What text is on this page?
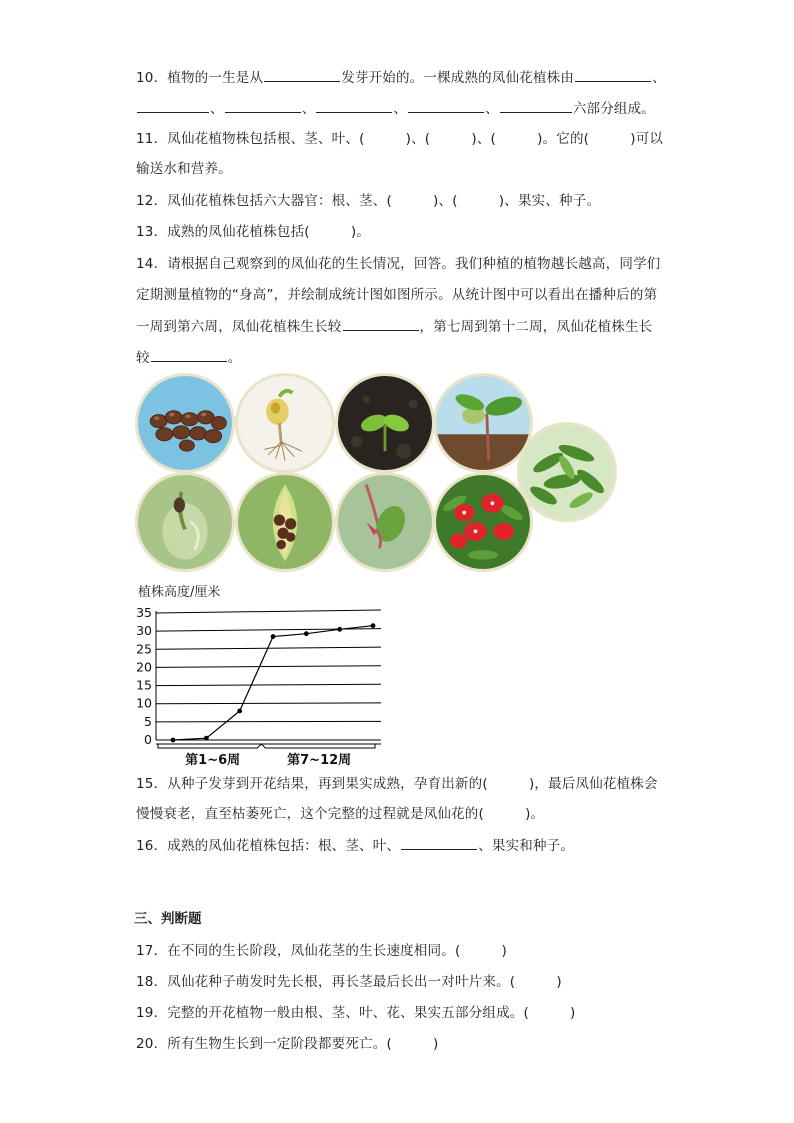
10．植物的一生是从	发芽开始的。一棵成熟的凤仙花植株由	、
、	、	、	、	六部分组成。
11．凤仙花植物株包括根、茎、叶、(　　　)、(　　　)、(　　　)。它的(　　　)可以
输送水和营养。
12．凤仙花植株包括六大器官：根、茎、(　　　)、(　　　)、果实、种子。
13．成熟的凤仙花植株包括(　　　)。
14．请根据自己观察到的凤仙花的生长情况，回答。我们种植的植物越长越高，同学们
定期测量植物的“身高”，并绘制成统计图如图所示。从统计图中可以看出在播种后的第
一周到第六周，凤仙花植株生长较	，第七周到第十二周，凤仙花植株生长
较	。
植株高度/厘米
0
5
10
15
20
25
30
35
第1~6周	第7~12周
15．从种子发芽到开花结果，再到果实成熟，孕育出新的(　　　)，最后凤仙花植株会
慢慢衰老，直至枯萎死亡，这个完整的过程就是凤仙花的(　　　)。
16．成熟的凤仙花植株包括：根、茎、叶、	、果实和种子。
三、判断题
17．在不同的生长阶段，凤仙花茎的生长速度相同。(　　　)
18．凤仙花种子萌发时先长根，再长茎最后长出一对叶片来。(　　　)
19．完整的开花植物一般由根、茎、叶、花、果实五部分组成。(　　　)
20．所有生物生长到一定阶段都要死亡。(　　　)
